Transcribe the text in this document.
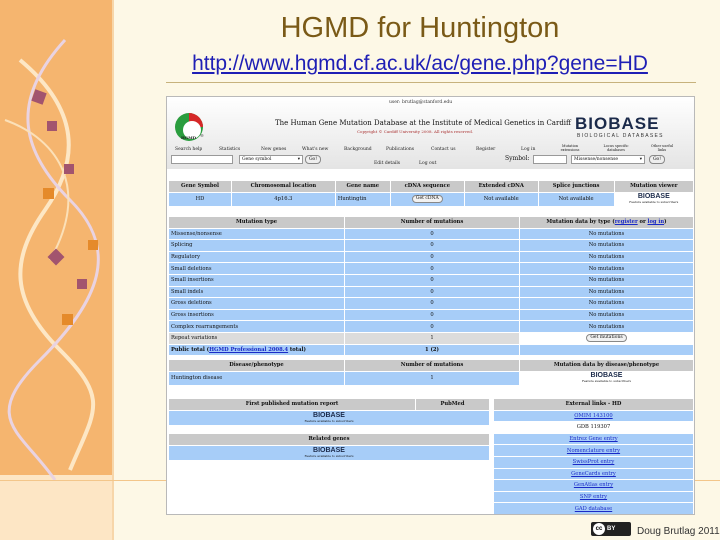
HGMD for Huntington
http://www.hgmd.cf.ac.uk/ac/gene.php?gene=HD
HGMD ®
user: brutlag@stanford.edu
The Human Gene Mutation Database at the Institute of Medical Genetics in Cardiff
Copyright © Cardiff University 2008. All rights reserved.	BIOBASE
BIOLOGICAL DATABASES
Search help	Statistics	New genes	What's new	Background	Publications	Contact us	Register	Log in
Mutation extensions
Locus specific databases
Other useful links
Gene symbol	▾	Go!
Edit details	Log out
Symbol:	Missense/nonsense	▾	Go!
Gene Symbol	Chromosomal location	Gene name	cDNA sequence	Extended cDNA	Splice junctions	Mutation viewer
HD	4p16.3	Huntingtin	Get cDNA	Not available	Not available	BIOBASE
Feature available to subscribers
Mutation type	Number of mutations	Mutation data by type (register or log in)
Missense/nonsense	0	No mutations
Splicing	0	No mutations
Regulatory	0	No mutations
Small deletions	0	No mutations
Small insertions	0	No mutations
Small indels	0	No mutations
Gross deletions	0	No mutations
Gross insertions	0	No mutations
Complex rearrangements	0	No mutations
Repeat variations	1	Get mutations
Public total (HGMD Professional 2008.4 total)	1 (2)	
Disease/phenotype	Number of mutations	Mutation data by disease/phenotype
Huntington disease	1	BIOBASE
Feature available to subscribers
First published mutation report	PubMed

BIOBASE
Feature available to subscribers
Related genes

BIOBASE
Feature available to subscribers
External links - HD
OMIM 143100
GDB 119307
Entrez Gene entry
Nomenclature entry
SwissProt entry
GeneCards entry
GenAtlas entry
SNP entry
GAD database
cc BY	Doug Brutlag 2011
